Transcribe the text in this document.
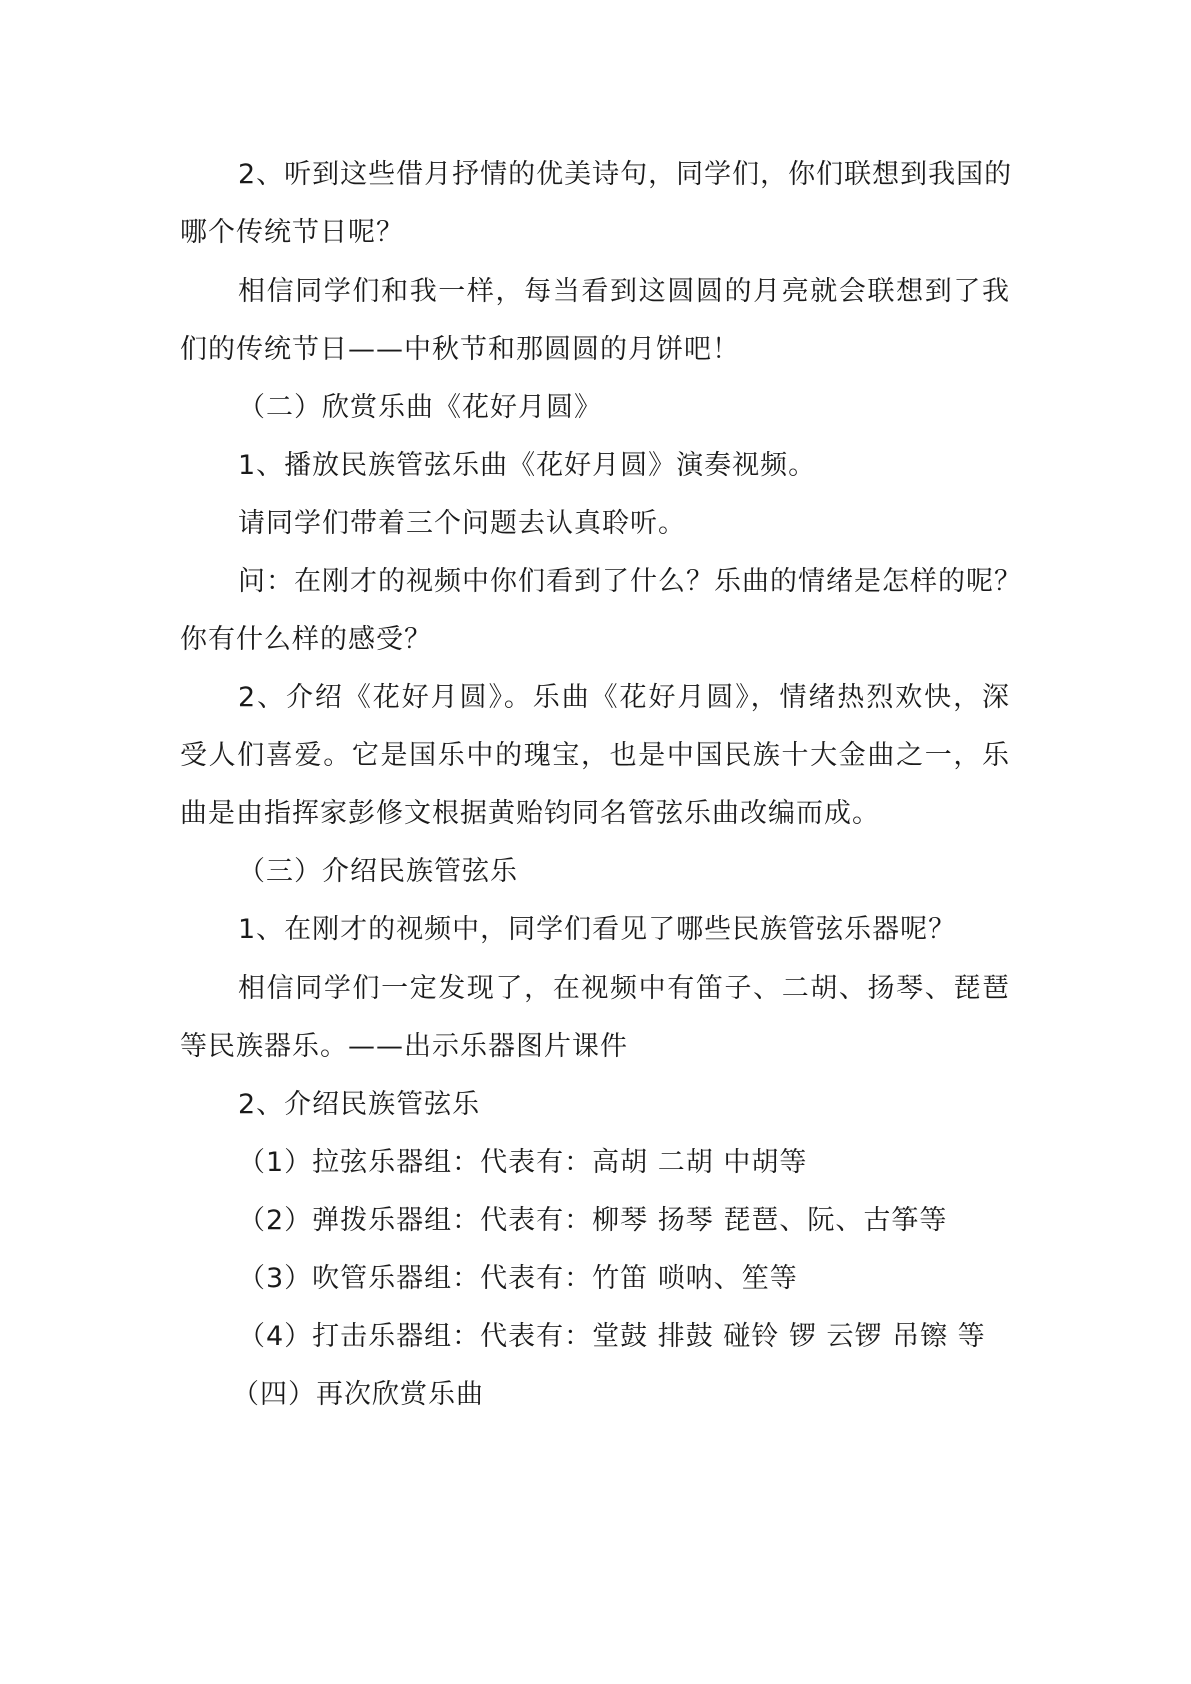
2、听到这些借月抒情的优美诗句，同学们，你们联想到我国的
哪个传统节日呢？
相信同学们和我一样，每当看到这圆圆的月亮就会联想到了我
们的传统节日——中秋节和那圆圆的月饼吧！
（二）欣赏乐曲《花好月圆》
1、播放民族管弦乐曲《花好月圆》演奏视频。
请同学们带着三个问题去认真聆听。
问：在刚才的视频中你们看到了什么？乐曲的情绪是怎样的呢？
你有什么样的感受？
2、介绍《花好月圆》。乐曲《花好月圆》，情绪热烈欢快，深
受人们喜爱。它是国乐中的瑰宝，也是中国民族十大金曲之一，乐
曲是由指挥家彭修文根据黄贻钧同名管弦乐曲改编而成。
（三）介绍民族管弦乐
1、在刚才的视频中，同学们看见了哪些民族管弦乐器呢？
相信同学们一定发现了，在视频中有笛子、二胡、扬琴、琵琶
等民族器乐。——出示乐器图片课件
2、介绍民族管弦乐
（1）拉弦乐器组：代表有：高胡 二胡 中胡等
（2）弹拨乐器组：代表有：柳琴 扬琴 琵琶、阮、古筝等
（3）吹管乐器组：代表有：竹笛 唢呐、笙等
（4）打击乐器组：代表有：堂鼓 排鼓 碰铃 锣 云锣 吊镲 等
（四）再次欣赏乐曲
